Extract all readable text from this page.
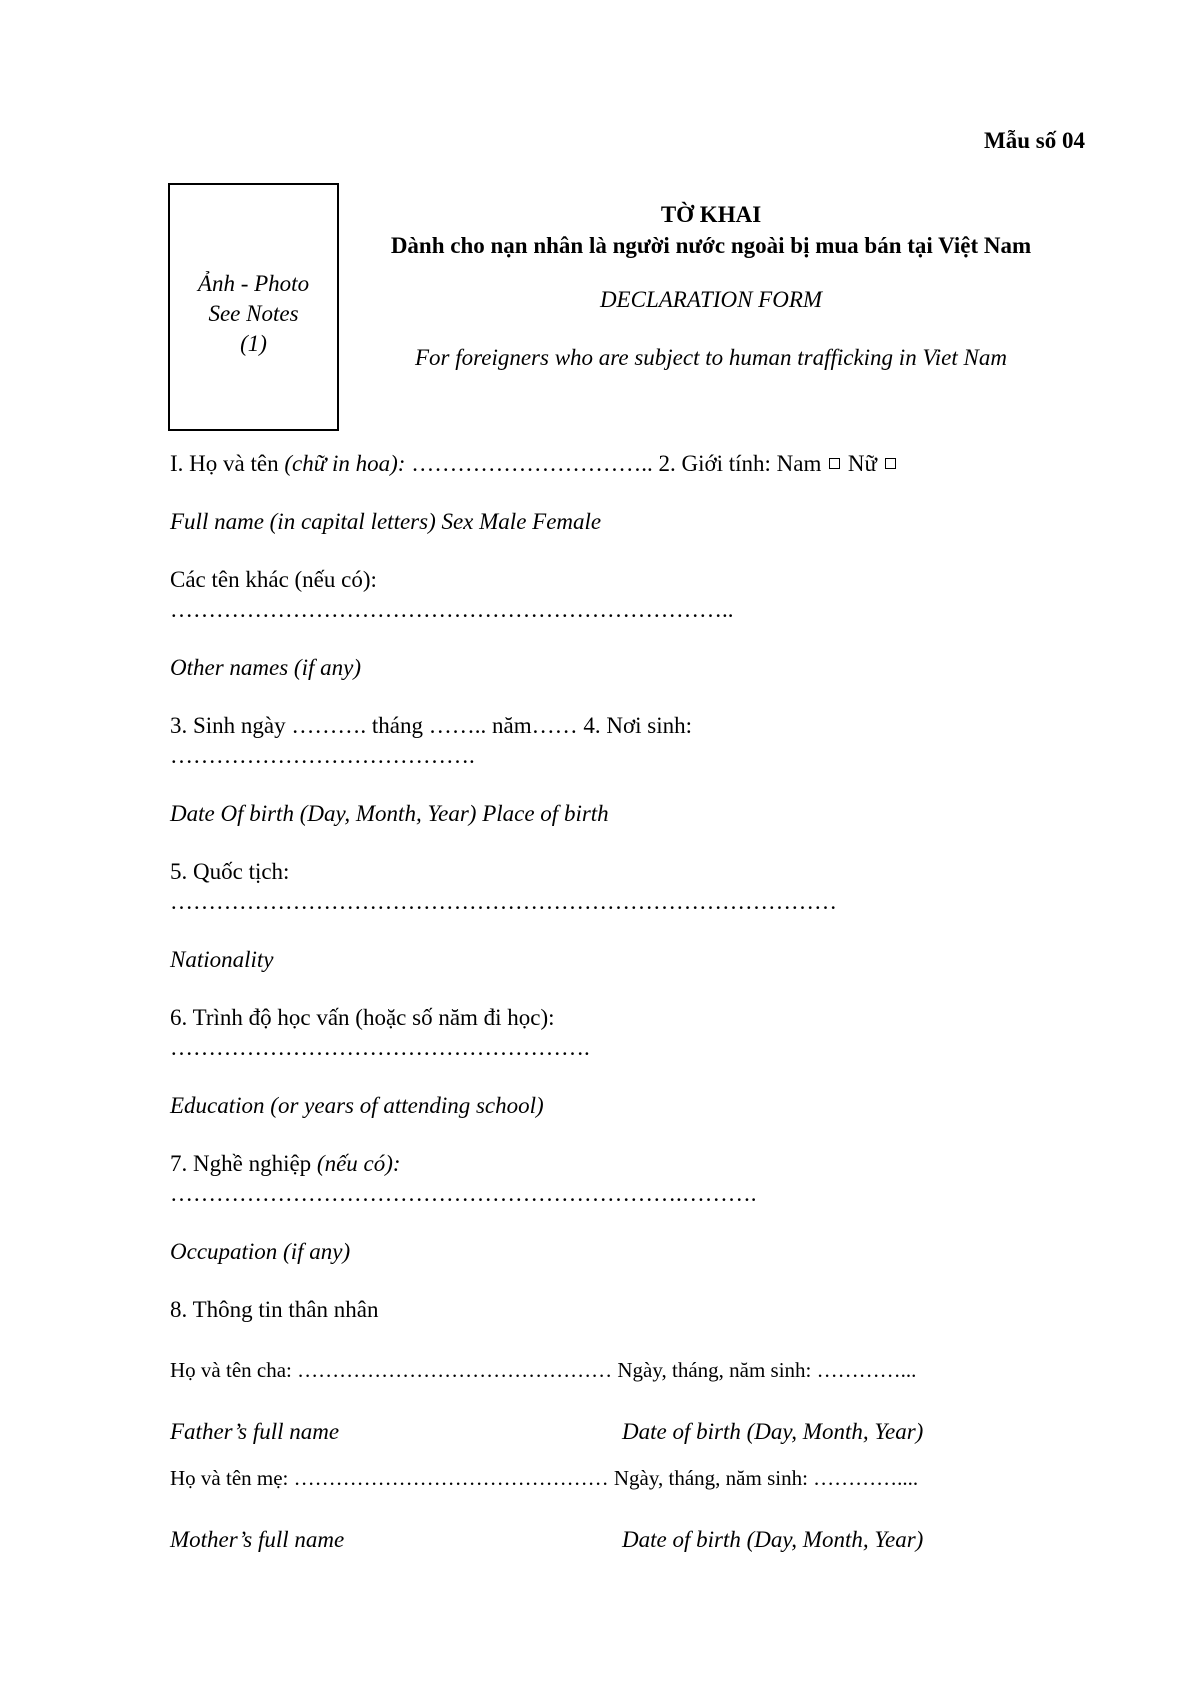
Mẫu số 04
Ảnh - Photo
See Notes
(1)
TỜ KHAI
Dành cho nạn nhân là người nước ngoài bị mua bán tại Việt Nam
DECLARATION FORM
For foreigners who are subject to human trafficking in Viet Nam
I. Họ và tên (chữ in hoa): ………………………….. 2. Giới tính: Nam Nữ
Full name (in capital letters) Sex Male Female
Các tên khác (nếu có):
………………………………………………………………..
Other names (if any)
3. Sinh ngày ………. tháng …….. năm…… 4. Nơi sinh:
………………………………….
Date Of birth (Day, Month, Year) Place of birth
5. Quốc tịch:
……………………………………………………………………………
Nationality
6. Trình độ học vấn (hoặc số năm đi học):
……………………………………………….
Education (or years of attending school)
7. Nghề nghiệp (nếu có):
………………………………………………………….……….
Occupation (if any)
8. Thông tin thân nhân
Họ và tên cha: ……………………………………… Ngày, tháng, năm sinh: …………...
Father’s full name	Date of birth (Day, Month, Year)
Họ và tên mẹ: ……………………………………… Ngày, tháng, năm sinh: …………....
Mother’s full name	Date of birth (Day, Month, Year)
